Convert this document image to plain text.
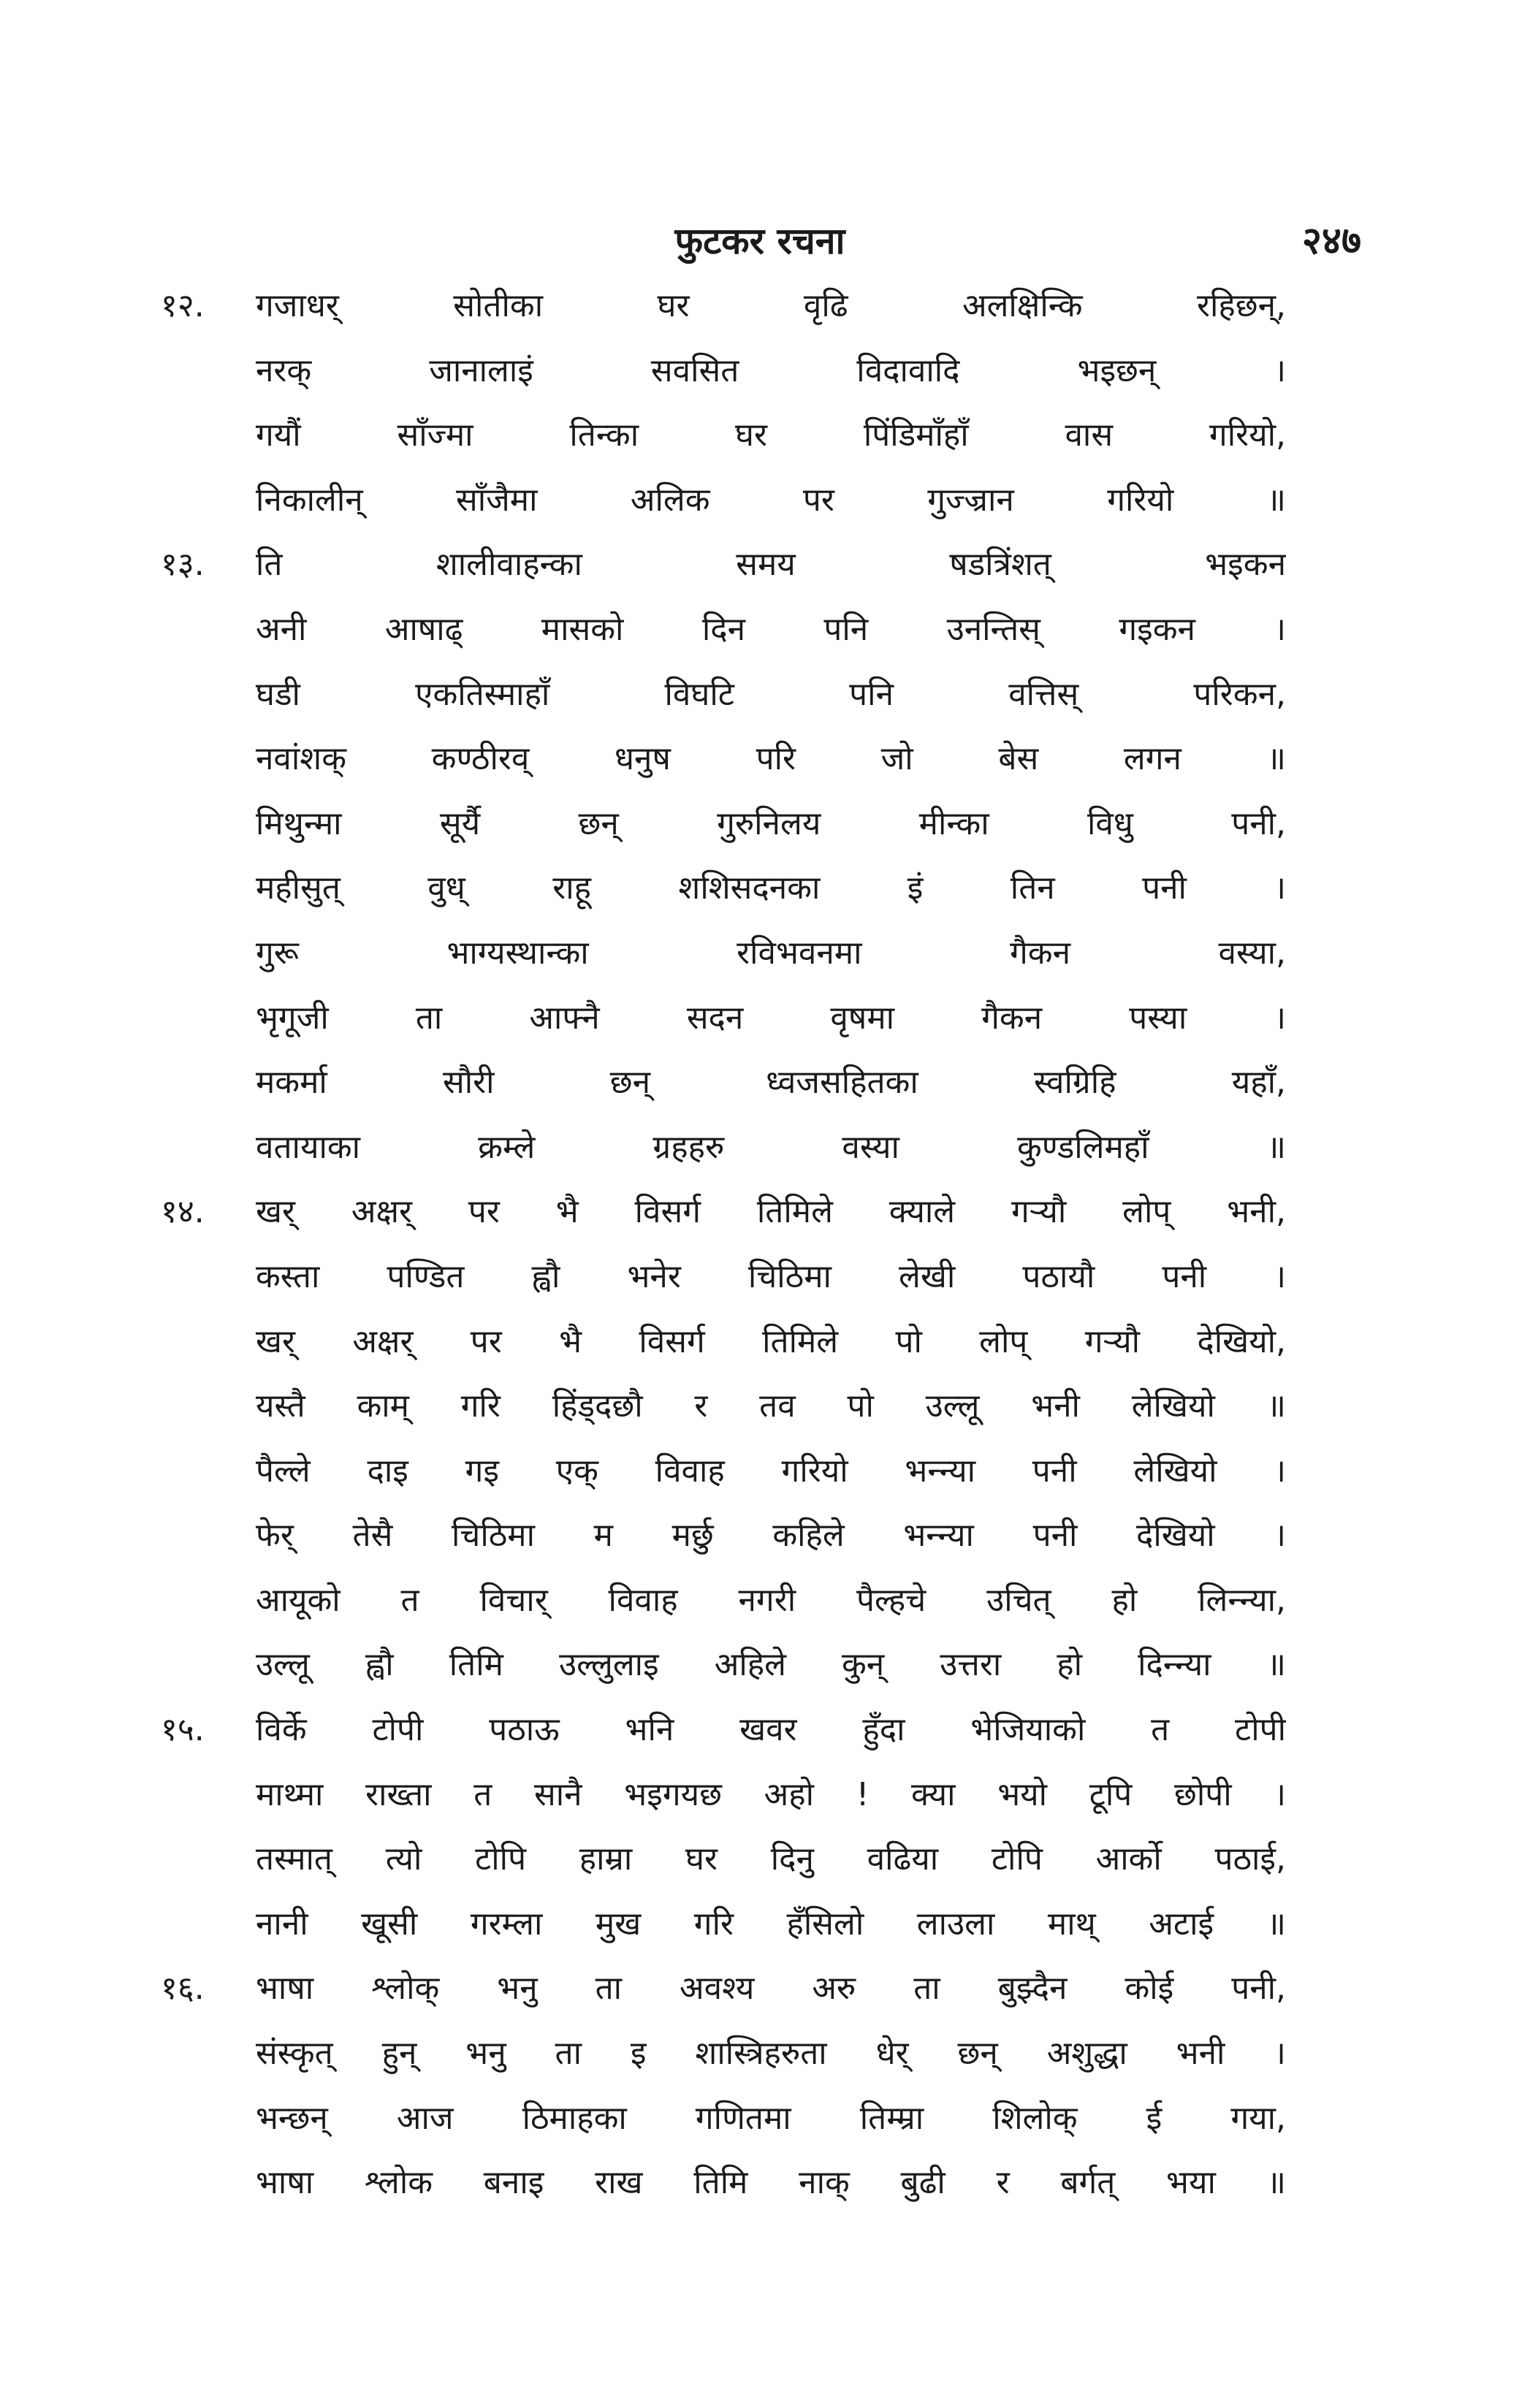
फुटकर रचना	२४७
१२.	गजाधर् सोतीका घर वृढि अलक्षिन्कि रहिछन्,
नरक् जानालाइं सवसित विदावादि भइछन् ।
गयौं साँज्मा तिन्का घर पिंडिमाँहाँ वास गरियो,
निकालीन् साँजैमा अलिक पर गुज्ज्रान गरियो ॥
१३.	ति शालीवाहन्का समय षडत्रिंशत् भइकन
अनी आषाढ् मासको दिन पनि उनन्तिस् गइकन ।
घडी एकतिस्माहाँ विघटि पनि वत्तिस् परिकन,
नवांशक् कण्ठीरव् धनुष परि जो बेस लगन ॥
मिथुन्मा सूर्यै छन् गुरुनिलय मीन्का विधु पनी,
महीसुत् वुध् राहू शशिसदनका इं तिन पनी ।
गुरू भाग्यस्थान्का रविभवनमा गैकन वस्या,
भृगूजी ता आफ्नै सदन वृषमा गैकन पस्या ।
मकर्मा सौरी छन् ध्वजसहितका स्वग्रिहि यहाँ,
वतायाका क्रम्ले ग्रहहरु वस्या कुण्डलिमहाँ ॥
१४.	खर् अक्षर् पर भै विसर्ग तिमिले क्याले गऱ्यौ लोप् भनी,
कस्ता पण्डित ह्वौ भनेर चिठिमा लेखी पठायौ पनी ।
खर् अक्षर् पर भै विसर्ग तिमिले पो लोप् गऱ्यौ देखियो,
यस्तै काम् गरि हिंड्दछौ र तव पो उल्लू भनी लेखियो ॥
पैल्ले दाइ गइ एक् विवाह गरियो भन्न्या पनी लेखियो ।
फेर् तेसै चिठिमा म मर्छु कहिले भन्न्या पनी देखियो ।
आयूको त विचार् विवाह नगरी पैल्हचे उचित् हो लिन्न्या,
उल्लू ह्वौ तिमि उल्लुलाइ अहिले कुन् उत्तरा हो दिन्न्या ॥
१५.	विर्के टोपी पठाऊ भनि खवर हुँदा भेजियाको त टोपी
माथ्मा राख्ता त सानै भइगयछ अहो ! क्या भयो टूपि छोपी ।
तस्मात् त्यो टोपि हाम्रा घर दिनु वढिया टोपि आर्को पठाई,
नानी खूसी गरम्ला मुख गरि हँसिलो लाउला माथ् अटाई ॥
१६.	भाषा श्लोक् भनु ता अवश्य अरु ता बुझ्दैन कोई पनी,
संस्कृत् हुन् भनु ता इ शास्त्रिहरुता धेर् छन् अशुद्धा भनी ।
भन्छन् आज ठिमाहका गणितमा तिम्म्रा शिलोक् ई गया,
भाषा श्लोक बनाइ राख तिमि नाक् बुढी र बर्गत् भया ॥
